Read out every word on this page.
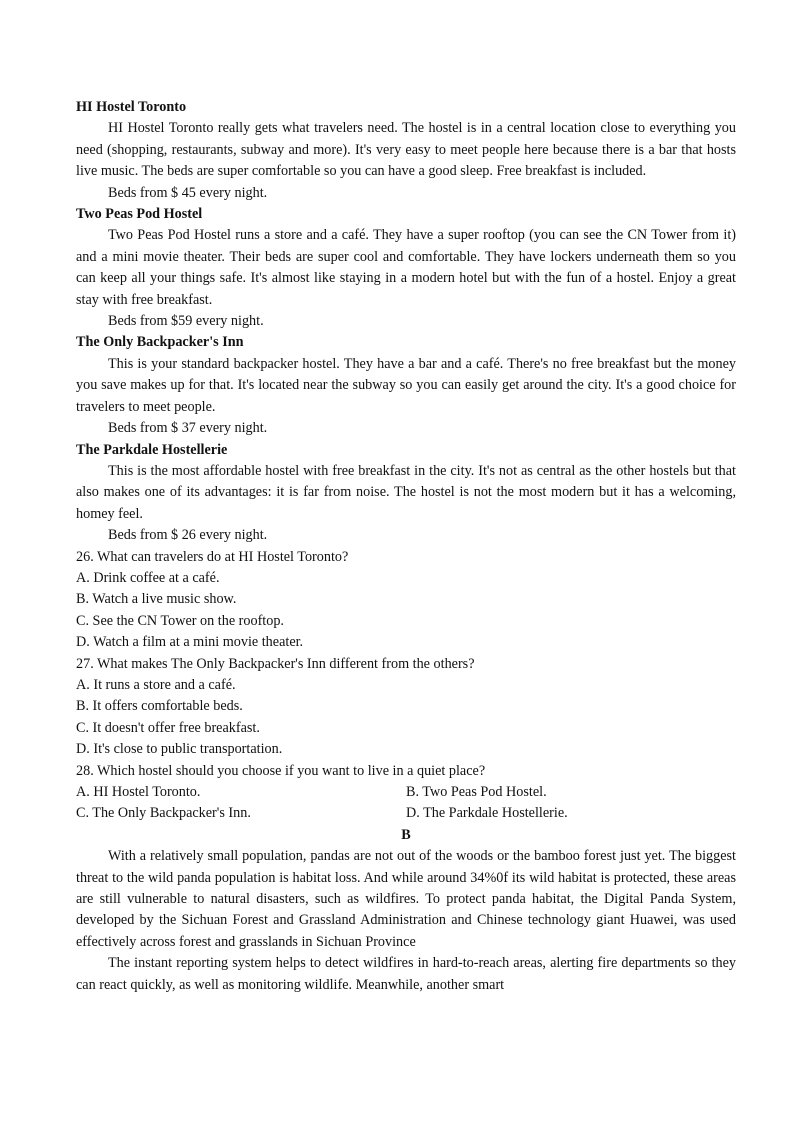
HI Hostel Toronto

HI Hostel Toronto really gets what travelers need. The hostel is in a central location close to everything you need (shopping, restaurants, subway and more). It's very easy to meet people here because there is a bar that hosts live music. The beds are super comfortable so you can have a good sleep. Free breakfast is included.

Beds from $ 45 every night.

Two Peas Pod Hostel

Two Peas Pod Hostel runs a store and a café. They have a super rooftop (you can see the CN Tower from it) and a mini movie theater. Their beds are super cool and comfortable. They have lockers underneath them so you can keep all your things safe. It's almost like staying in a modern hotel but with the fun of a hostel. Enjoy a great stay with free breakfast.

Beds from $59 every night.

The Only Backpacker's Inn

This is your standard backpacker hostel. They have a bar and a café. There's no free breakfast but the money you save makes up for that. It's located near the subway so you can easily get around the city. It's a good choice for travelers to meet people.

Beds from $ 37 every night.

The Parkdale Hostellerie

This is the most affordable hostel with free breakfast in the city. It's not as central as the other hostels but that also makes one of its advantages: it is far from noise. The hostel is not the most modern but it has a welcoming, homey feel.

Beds from $ 26 every night.

26. What can travelers do at HI Hostel Toronto?

A. Drink coffee at a café.

B. Watch a live music show.

C. See the CN Tower on the rooftop.

D. Watch a film at a mini movie theater.

27. What makes The Only Backpacker's Inn different from the others?

A. It runs a store and a café.

B. It offers comfortable beds.

C. It doesn't offer free breakfast.

D. It's close to public transportation.

28. Which hostel should you choose if you want to live in a quiet place?

A. HI Hostel Toronto.	B. Two Peas Pod Hostel.
C. The Only Backpacker's Inn.	D. The Parkdale Hostellerie.

B

With a relatively small population, pandas are not out of the woods or the bamboo forest just yet. The biggest threat to the wild panda population is habitat loss. And while around 34%0f its wild habitat is protected, these areas are still vulnerable to natural disasters, such as wildfires. To protect panda habitat, the Digital Panda System, developed by the Sichuan Forest and Grassland Administration and Chinese technology giant Huawei, was used effectively across forest and grasslands in Sichuan Province

The instant reporting system helps to detect wildfires in hard-to-reach areas, alerting fire departments so they can react quickly, as well as monitoring wildlife. Meanwhile, another smart
